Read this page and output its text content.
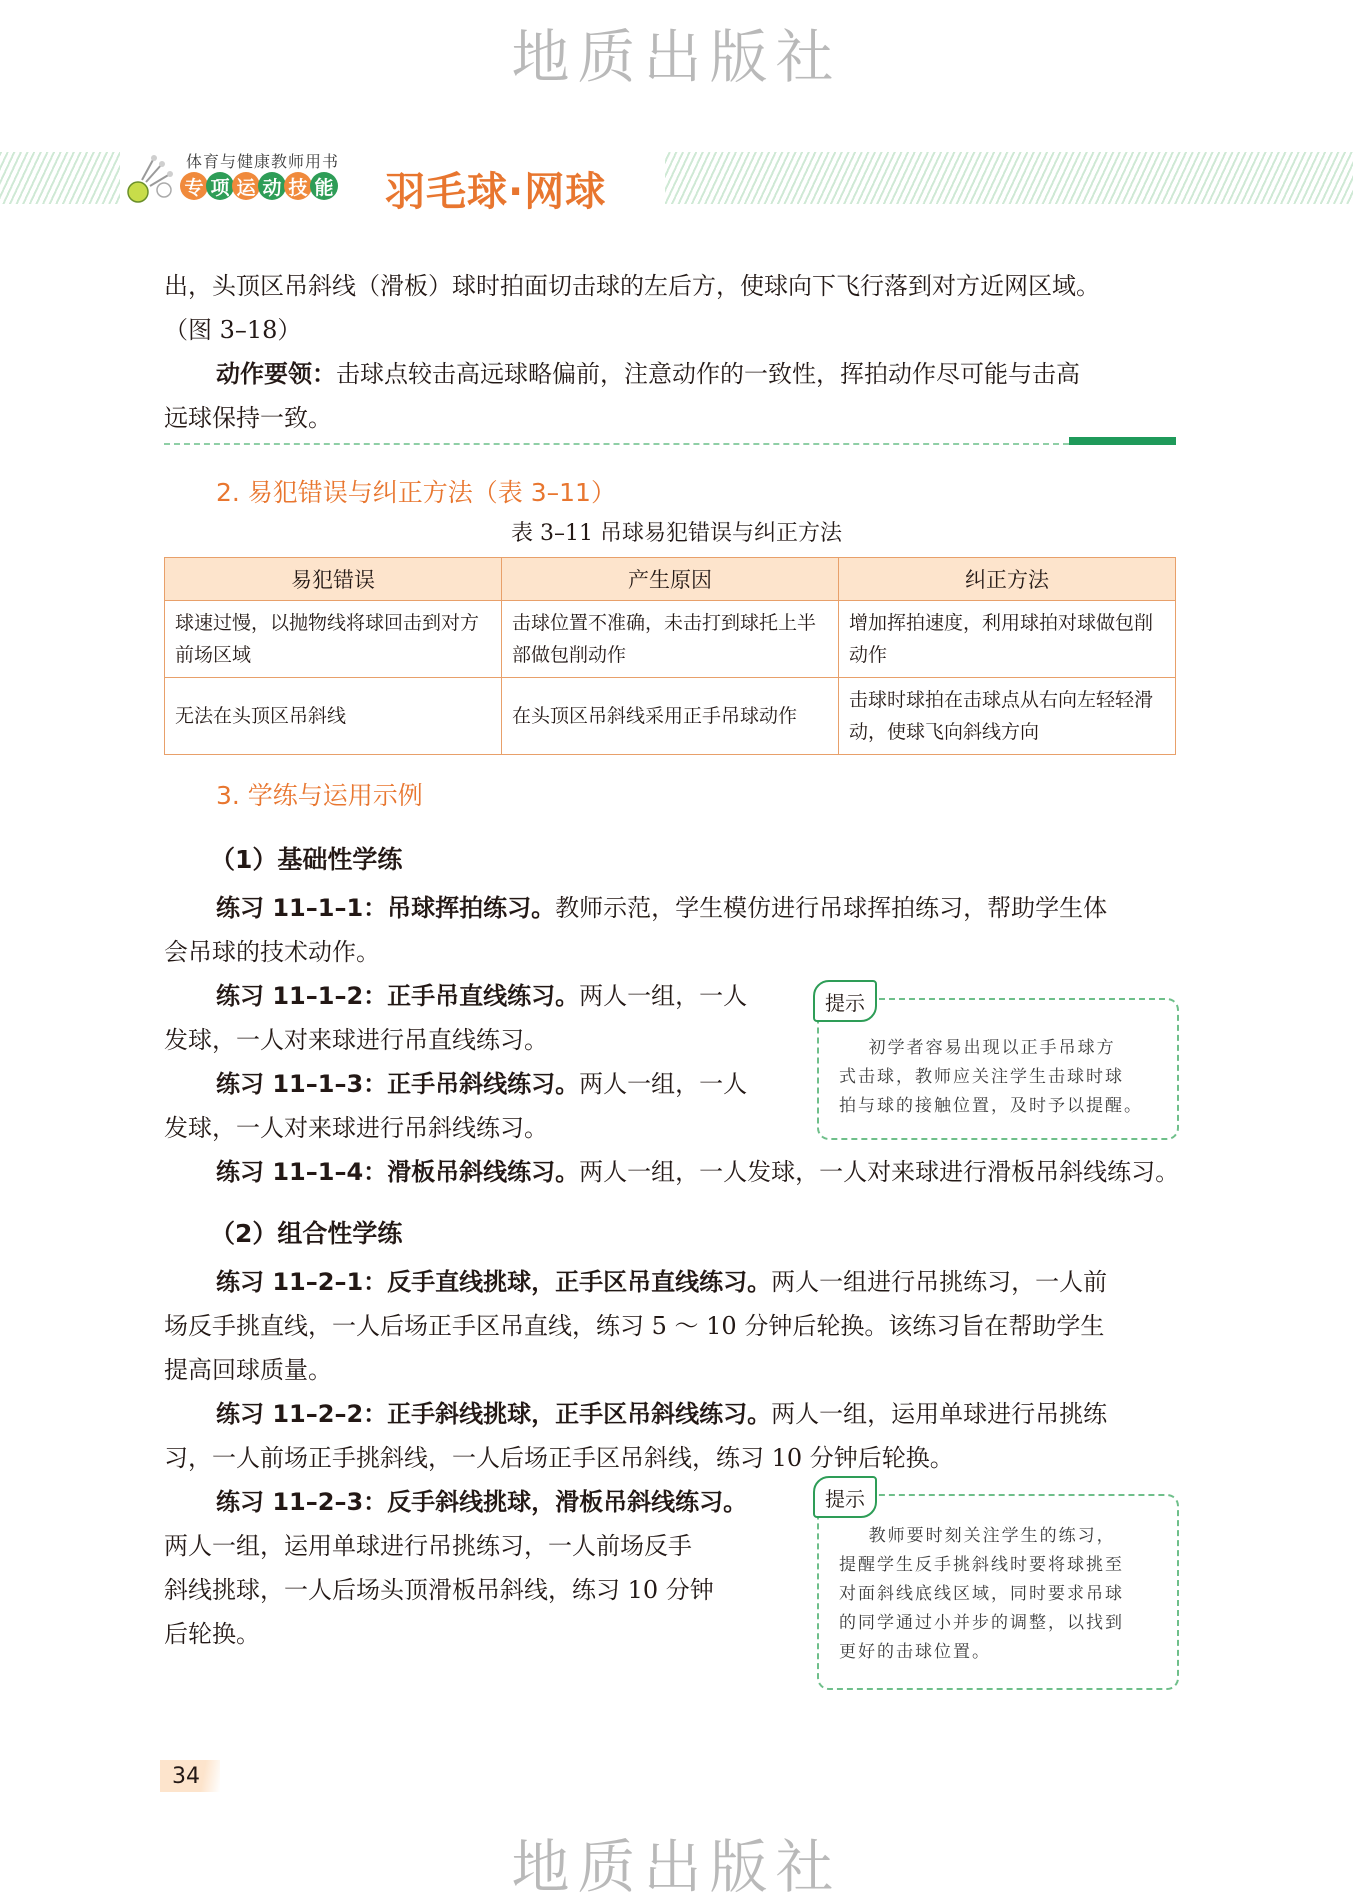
地质出版社
体育与健康教师用书
专 项 运 动 技 能 羽毛球·网球
出，头顶区吊斜线（滑板）球时拍面切击球的左后方，使球向下飞行落到对方近网区域。
（图 3–18）
动作要领：击球点较击高远球略偏前，注意动作的一致性，挥拍动作尽可能与击高
远球保持一致。
2. 易犯错误与纠正方法（表 3–11）
表 3–11 吊球易犯错误与纠正方法
易犯错误	产生原因	纠正方法
球速过慢，以抛物线将球回击到对方前场区域	击球位置不准确，未击打到球托上半部做包削动作	增加挥拍速度，利用球拍对球做包削动作
无法在头顶区吊斜线	在头顶区吊斜线采用正手吊球动作	击球时球拍在击球点从右向左轻轻滑动，使球飞向斜线方向
3. 学练与运用示例
（1）基础性学练
练习 11–1–1：吊球挥拍练习。教师示范，学生模仿进行吊球挥拍练习，帮助学生体
会吊球的技术动作。
练习 11–1–2：正手吊直线练习。两人一组，一人
发球，一人对来球进行吊直线练习。
练习 11–1–3：正手吊斜线练习。两人一组，一人
发球，一人对来球进行吊斜线练习。
练习 11–1–4：滑板吊斜线练习。两人一组，一人发球，一人对来球进行滑板吊斜线练习。
（2）组合性学练
练习 11–2–1：反手直线挑球，正手区吊直线练习。两人一组进行吊挑练习，一人前
场反手挑直线，一人后场正手区吊直线，练习 5 ～ 10 分钟后轮换。该练习旨在帮助学生
提高回球质量。
练习 11–2–2：正手斜线挑球，正手区吊斜线练习。两人一组，运用单球进行吊挑练
习，一人前场正手挑斜线，一人后场正手区吊斜线，练习 10 分钟后轮换。
练习 11–2–3：反手斜线挑球，滑板吊斜线练习。
两人一组，运用单球进行吊挑练习，一人前场反手
斜线挑球，一人后场头顶滑板吊斜线，练习 10 分钟
后轮换。
提示
初学者容易出现以正手吊球方
式击球，教师应关注学生击球时球
拍与球的接触位置，及时予以提醒。
提示
教师要时刻关注学生的练习，
提醒学生反手挑斜线时要将球挑至
对面斜线底线区域，同时要求吊球
的同学通过小并步的调整，以找到
更好的击球位置。
34
地质出版社
